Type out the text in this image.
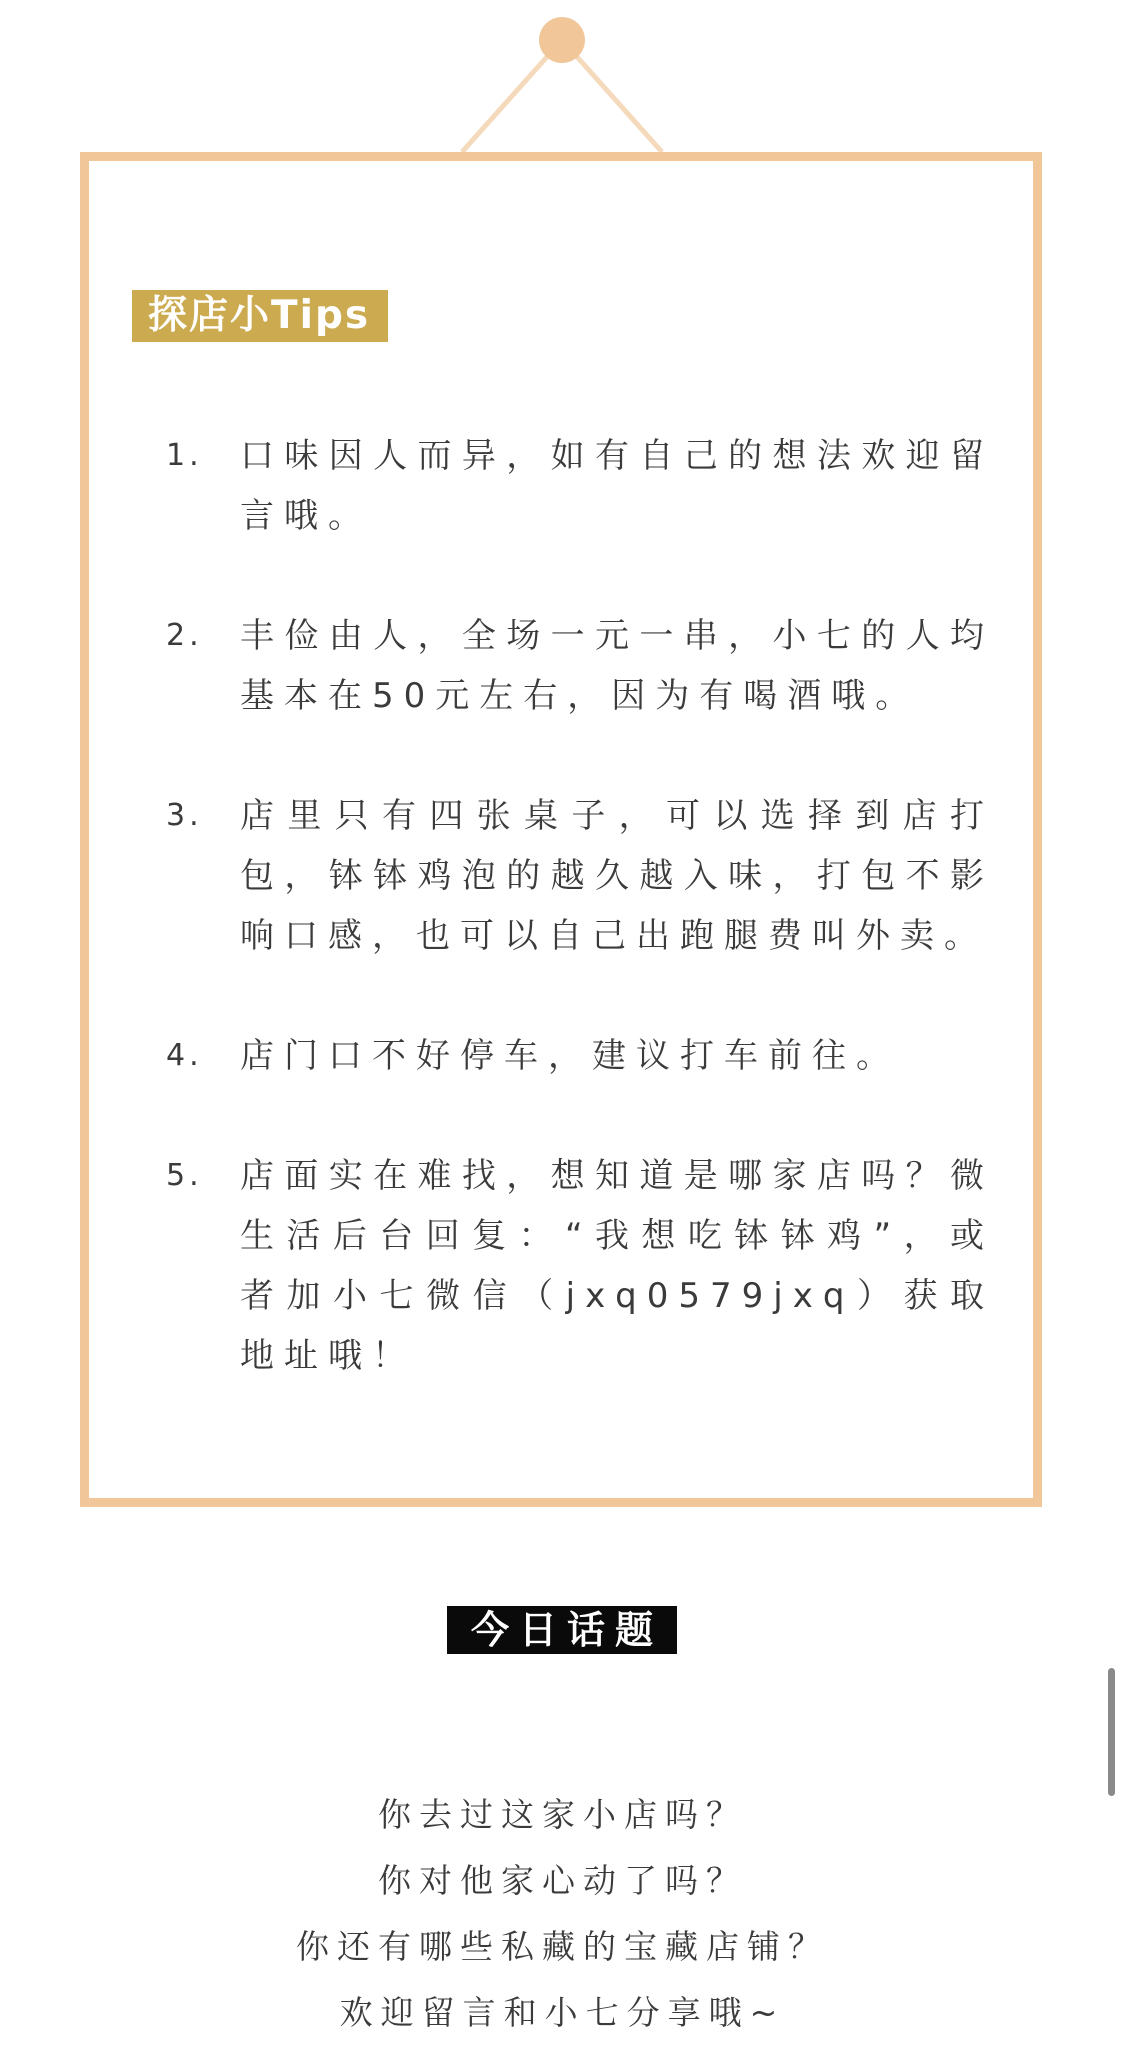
探店小Tips
1. 口味因人而异，如有自己的想法欢迎留言哦。
2. 丰俭由人，全场一元一串，小七的人均基本在50元左右，因为有喝酒哦。
3. 店里只有四张桌子，可以选择到店打包，钵钵鸡泡的越久越入味，打包不影响口感，也可以自己出跑腿费叫外卖。
4. 店门口不好停车，建议打车前往。
5. 店面实在难找，想知道是哪家店吗？微生活后台回复：“我想吃钵钵鸡”，或者加小七微信（jxq0579jxq）获取地址哦！
今日话题
你去过这家小店吗？
你对他家心动了吗？
你还有哪些私藏的宝藏店铺？
欢迎留言和小七分享哦~
